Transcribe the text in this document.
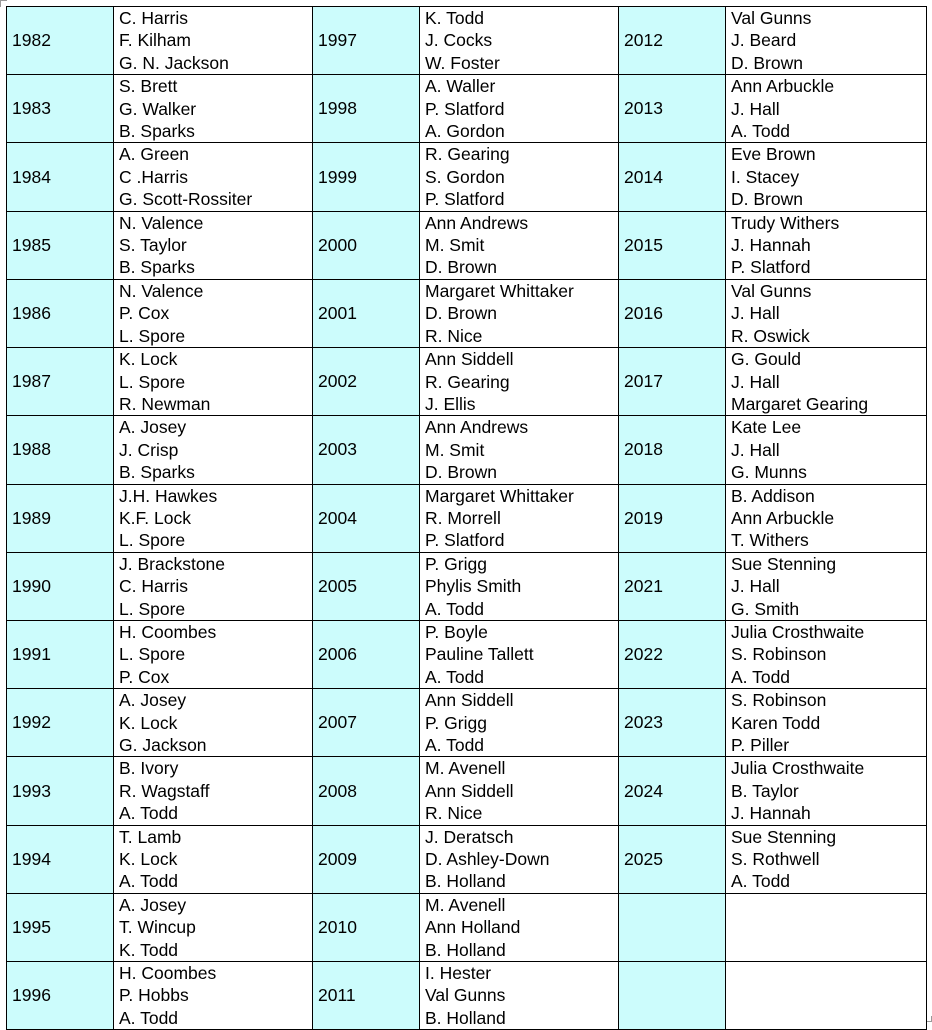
1982	C. Harris
F. Kilham
G. N. Jackson	1997	K. Todd
J. Cocks
W. Foster	2012	Val Gunns
J. Beard
D. Brown

1983	S. Brett
G. Walker
B. Sparks	1998	A. Waller
P. Slatford
A. Gordon	2013	Ann Arbuckle
J. Hall
A. Todd

1984	A. Green
C .Harris
G. Scott-Rossiter	1999	R. Gearing
S. Gordon
P. Slatford	2014	Eve Brown
I. Stacey
D. Brown

1985	N. Valence
S. Taylor
B. Sparks	2000	Ann Andrews
M. Smit
D. Brown	2015	Trudy Withers
J. Hannah
P. Slatford

1986	N. Valence
P. Cox
L. Spore	2001	Margaret Whittaker
D. Brown
R. Nice	2016	Val Gunns
J. Hall
R. Oswick

1987	K. Lock
L. Spore
R. Newman	2002	Ann Siddell
R. Gearing
J. Ellis	2017	G. Gould
J. Hall
Margaret Gearing

1988	A. Josey
J. Crisp
B. Sparks	2003	Ann Andrews
M. Smit
D. Brown	2018	Kate Lee
J. Hall
G. Munns

1989	J.H. Hawkes
K.F. Lock
L. Spore	2004	Margaret Whittaker
R. Morrell
P. Slatford	2019	B. Addison
Ann Arbuckle
T. Withers

1990	J. Brackstone
C. Harris
L. Spore	2005	P. Grigg
Phylis Smith
A. Todd	2021	Sue Stenning
J. Hall
G. Smith

1991	H. Coombes
L. Spore
P. Cox	2006	P. Boyle
Pauline Tallett
A. Todd	2022	Julia Crosthwaite
S. Robinson
A. Todd

1992	A. Josey
K. Lock
G. Jackson	2007	Ann Siddell
P. Grigg
A. Todd	2023	S. Robinson
Karen Todd
P. Piller

1993	B. Ivory
R. Wagstaff
A. Todd	2008	M. Avenell
Ann Siddell
R. Nice	2024	Julia Crosthwaite
B. Taylor
J. Hannah

1994	T. Lamb
K. Lock
A. Todd	2009	J. Deratsch
D. Ashley-Down
B. Holland	2025	Sue Stenning
S. Rothwell
A. Todd

1995	A. Josey
T. Wincup
K. Todd	2010	M. Avenell
Ann Holland
B. Holland		

1996	H. Coombes
P. Hobbs
A. Todd	2011	I. Hester
Val Gunns
B. Holland		
